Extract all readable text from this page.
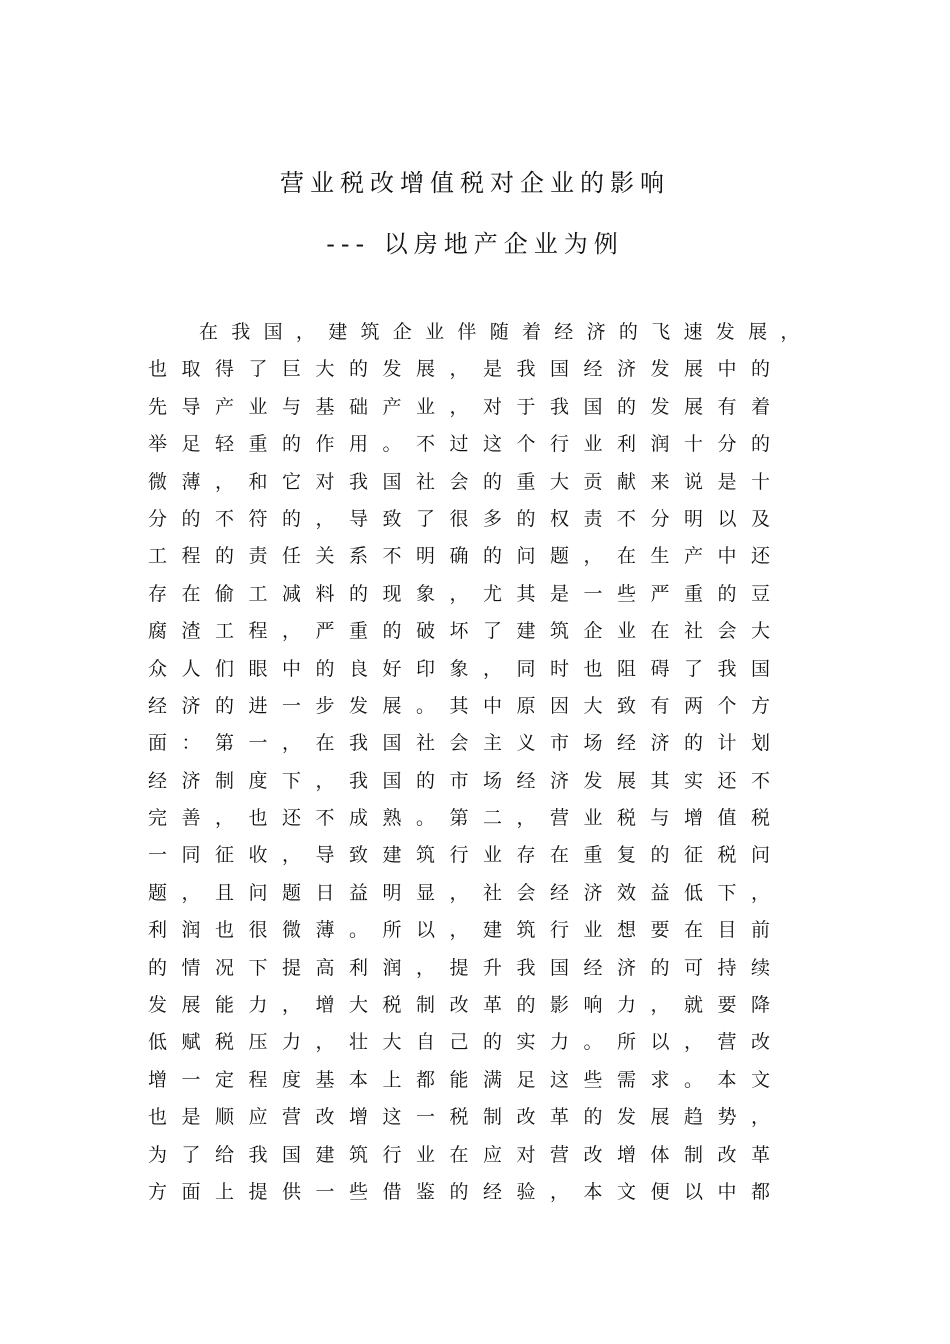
营业税改增值税对企业的影响
--- 以房地产企业为例
在我国，建筑企业伴随着经济的飞速发展，
也取得了巨大的发展，是我国经济发展中的
先导产业与基础产业，对于我国的发展有着
举足轻重的作用。不过这个行业利润十分的
微薄，和它对我国社会的重大贡献来说是十
分的不符的，导致了很多的权责不分明以及
工程的责任关系不明确的问题，在生产中还
存在偷工减料的现象，尤其是一些严重的豆
腐渣工程，严重的破坏了建筑企业在社会大
众人们眼中的良好印象，同时也阻碍了我国
经济的进一步发展。其中原因大致有两个方
面：第一，在我国社会主义市场经济的计划
经济制度下，我国的市场经济发展其实还不
完善，也还不成熟。第二，营业税与增值税
一同征收，导致建筑行业存在重复的征税问
题，且问题日益明显，社会经济效益低下，
利润也很微薄。所以，建筑行业想要在目前
的情况下提高利润，提升我国经济的可持续
发展能力，增大税制改革的影响力，就要降
低赋税压力，壮大自己的实力。所以，营改
增一定程度基本上都能满足这些需求。本文
也是顺应营改增这一税制改革的发展趋势，
为了给我国建筑行业在应对营改增体制改革
方面上提供一些借鉴的经验，本文便以中都
